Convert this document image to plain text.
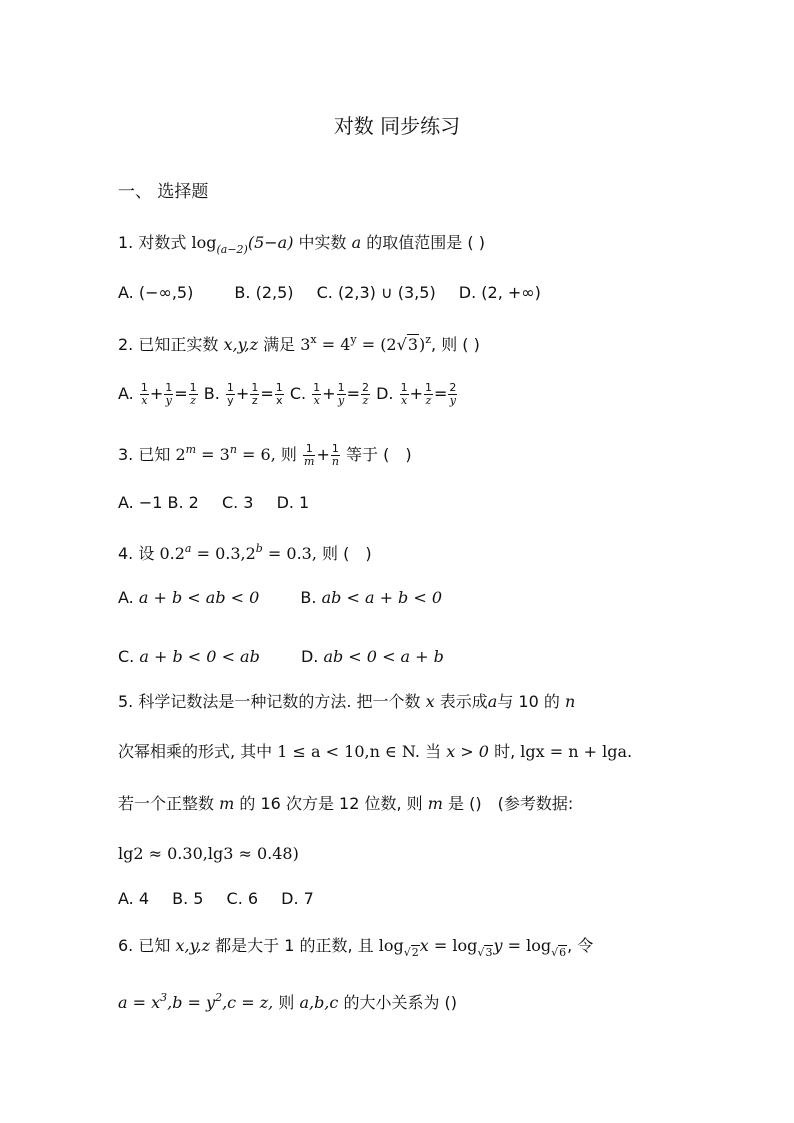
对数 同步练习
一、 选择题
1. 对数式 $\log_{(a-2)}(5-a)$ 中实数 a 的取值范围是 ( )
A. (−∞,5)	B. (2,5) C. (2,3) ∪ (3,5) D. (2, +∞)
2. 已知正实数 x,y,z 满足 $3^x = 4^y = (2√3)^z$, 则 ( )
A. $\frac{1}{x} + \frac{1}{y} = \frac{1}{z} B$. $\frac{1}{y} + \frac{1}{z} = \frac{1}{x} C$. $\frac{1}{x} + \frac{1}{y} = \frac{2}{z} D$. $\frac{1}{x} + \frac{1}{z} = \frac{2}{y}$
3. 已知 $2^m = 3^n = 6$, 则 $\frac{1}{m} + \frac{1}{n}$ 等于 (　)
A. −1 B. 2 C. 3 D. 1
4. 设 0.2$^a$ = 0.3,2$^b$ = 0.3, 则 (　)
A. a + b < ab < 0	B. ab < a + b < 0
C. a + b < 0 < ab	D. ab < 0 < a + b
5. 科学记数法是一种记数的方法. 把一个数 x 表示成a与 10 的 n
次幂相乘的形式, 其中 1 ≤ a < 10,n ∈ N. 当 x > 0 时, lgx = n + lga.
若一个正整数 m 的 16 次方是 12 位数, 则 m 是 ()　(参考数据:
lg2 ≈ 0.30,lg3 ≈ 0.48)
A. 4 B. 5 C. 6 D. 7
6. 已知 x,y,z 都是大于 1 的正数, 且 $\log_{√2}x = \log_{√3}y = \log_{√6}$, 令
$a = x^3,b = y^2,c = z$, 则 a,b,c 的大小关系为 ()
